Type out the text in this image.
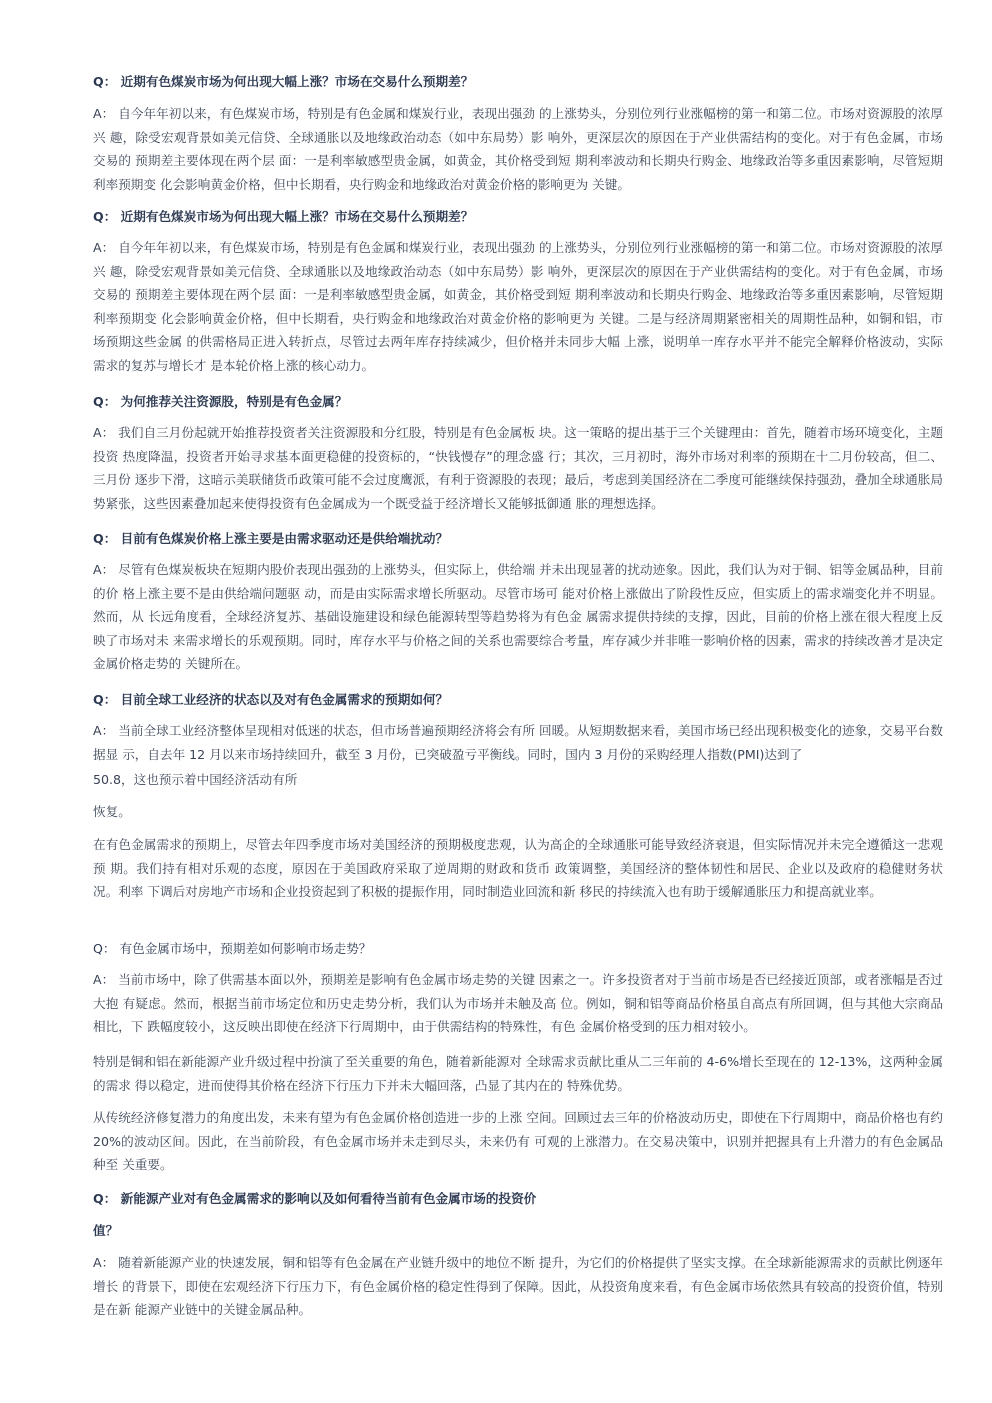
Q： 近期有色煤炭市场为何出现大幅上涨？市场在交易什么预期差？
A： 自今年年初以来，有色煤炭市场，特别是有色金属和煤炭行业，表现出强劲 的上涨势头，分别位列行业涨幅榜的第一和第二位。市场对资源股的浓厚兴 趣，除受宏观背景如美元信贷、全球通胀以及地缘政治动态（如中东局势）影 响外，更深层次的原因在于产业供需结构的变化。对于有色金属，市场交易的 预期差主要体现在两个层 面：一是利率敏感型贵金属，如黄金，其价格受到短 期利率波动和长期央行购金、地缘政治等多重因素影响，尽管短期利率预期变 化会影响黄金价格，但中长期看，央行购金和地缘政治对黄金价格的影响更为 关键。
Q： 近期有色煤炭市场为何出现大幅上涨？市场在交易什么预期差？
A： 自今年年初以来，有色煤炭市场，特别是有色金属和煤炭行业，表现出强劲 的上涨势头，分别位列行业涨幅榜的第一和第二位。市场对资源股的浓厚兴 趣，除受宏观背景如美元信贷、全球通胀以及地缘政治动态（如中东局势）影 响外，更深层次的原因在于产业供需结构的变化。对于有色金属，市场交易的 预期差主要体现在两个层 面：一是利率敏感型贵金属，如黄金，其价格受到短 期利率波动和长期央行购金、地缘政治等多重因素影响，尽管短期利率预期变 化会影响黄金价格，但中长期看，央行购金和地缘政治对黄金价格的影响更为 关键。二是与经济周期紧密相关的周期性品种，如铜和铝，市场预期这些金属 的供需格局正进入转折点，尽管过去两年库存持续减少，但价格并未同步大幅 上涨，说明单一库存水平并不能完全解释价格波动，实际需求的复苏与增长才 是本轮价格上涨的核心动力。
Q： 为何推荐关注资源股，特别是有色金属？
A： 我们自三月份起就开始推荐投资者关注资源股和分红股，特别是有色金属板 块。这一策略的提出基于三个关键理由：首先，随着市场环境变化，主题投资 热度降温，投资者开始寻求基本面更稳健的投资标的，“快钱慢存”的理念盛 行；其次，三月初时，海外市场对利率的预期在十二月份较高，但二、三月份 逐步下滑，这暗示美联储货币政策可能不会过度鹰派，有利于资源股的表现；最后，考虑到美国经济在二季度可能继续保持强劲，叠加全球通胀局势紧张，这些因素叠加起来使得投资有色金属成为一个既受益于经济增长又能够抵御通 胀的理想选择。
Q： 目前有色煤炭价格上涨主要是由需求驱动还是供给端扰动？
A： 尽管有色煤炭板块在短期内股价表现出强劲的上涨势头，但实际上，供给端 并未出现显著的扰动迹象。因此，我们认为对于铜、铝等金属品种，目前的价 格上涨主要不是由供给端问题驱 动，而是由实际需求增长所驱动。尽管市场可 能对价格上涨做出了阶段性反应，但实质上的需求端变化并不明显。然而，从 长远角度看，全球经济复苏、基础设施建设和绿色能源转型等趋势将为有色金 属需求提供持续的支撑，因此，目前的价格上涨在很大程度上反映了市场对未 来需求增长的乐观预期。同时，库存水平与价格之间的关系也需要综合考量，库存减少并非唯一影响价格的因素，需求的持续改善才是决定金属价格走势的 关键所在。
Q： 目前全球工业经济的状态以及对有色金属需求的预期如何？
A： 当前全球工业经济整体呈现相对低迷的状态，但市场普遍预期经济将会有所 回暖。从短期数据来看，美国市场已经出现积极变化的迹象，交易平台数据显 示，自去年 12 月以来市场持续回升，截至 3 月份，已突破盈亏平衡线。同时，国内 3 月份的采购经理人指数(PMI)达到了
50.8，这也预示着中国经济活动有所
恢复。
在有色金属需求的预期上，尽管去年四季度市场对美国经济的预期极度悲观，认为高企的全球通胀可能导致经济衰退，但实际情况并未完全遵循这一悲观预 期。我们持有相对乐观的态度，原因在于美国政府采取了逆周期的财政和货币 政策调整，美国经济的整体韧性和居民、企业以及政府的稳健财务状况。利率 下调后对房地产市场和企业投资起到了积极的提振作用，同时制造业回流和新 移民的持续流入也有助于缓解通胀压力和提高就业率。
Q： 有色金属市场中，预期差如何影响市场走势？
A： 当前市场中，除了供需基本面以外，预期差是影响有色金属市场走势的关键 因素之一。许多投资者对于当前市场是否已经接近顶部，或者涨幅是否过大抱 有疑虑。然而，根据当前市场定位和历史走势分析，我们认为市场并未触及高 位。例如，铜和铝等商品价格虽自高点有所回调，但与其他大宗商品相比，下 跌幅度较小，这反映出即使在经济下行周期中，由于供需结构的特殊性，有色 金属价格受到的压力相对较小。
特别是铜和铝在新能源产业升级过程中扮演了至关重要的角色，随着新能源对 全球需求贡献比重从二三年前的 4-6%增长至现在的 12-13%，这两种金属的需求 得以稳定，进而使得其价格在经济下行压力下并未大幅回落，凸显了其内在的 特殊优势。
从传统经济修复潜力的角度出发，未来有望为有色金属价格创造进一步的上涨 空间。回顾过去三年的价格波动历史，即使在下行周期中，商品价格也有约 20%的波动区间。因此，在当前阶段，有色金属市场并未走到尽头，未来仍有 可观的上涨潜力。在交易决策中，识别并把握具有上升潜力的有色金属品种至 关重要。
Q： 新能源产业对有色金属需求的影响以及如何看待当前有色金属市场的投资价
值？
A： 随着新能源产业的快速发展，铜和铝等有色金属在产业链升级中的地位不断 提升，为它们的价格提供了坚实支撑。在全球新能源需求的贡献比例逐年增长 的背景下，即使在宏观经济下行压力下，有色金属价格的稳定性得到了保障。因此，从投资角度来看，有色金属市场依然具有较高的投资价值，特别是在新 能源产业链中的关键金属品种。
